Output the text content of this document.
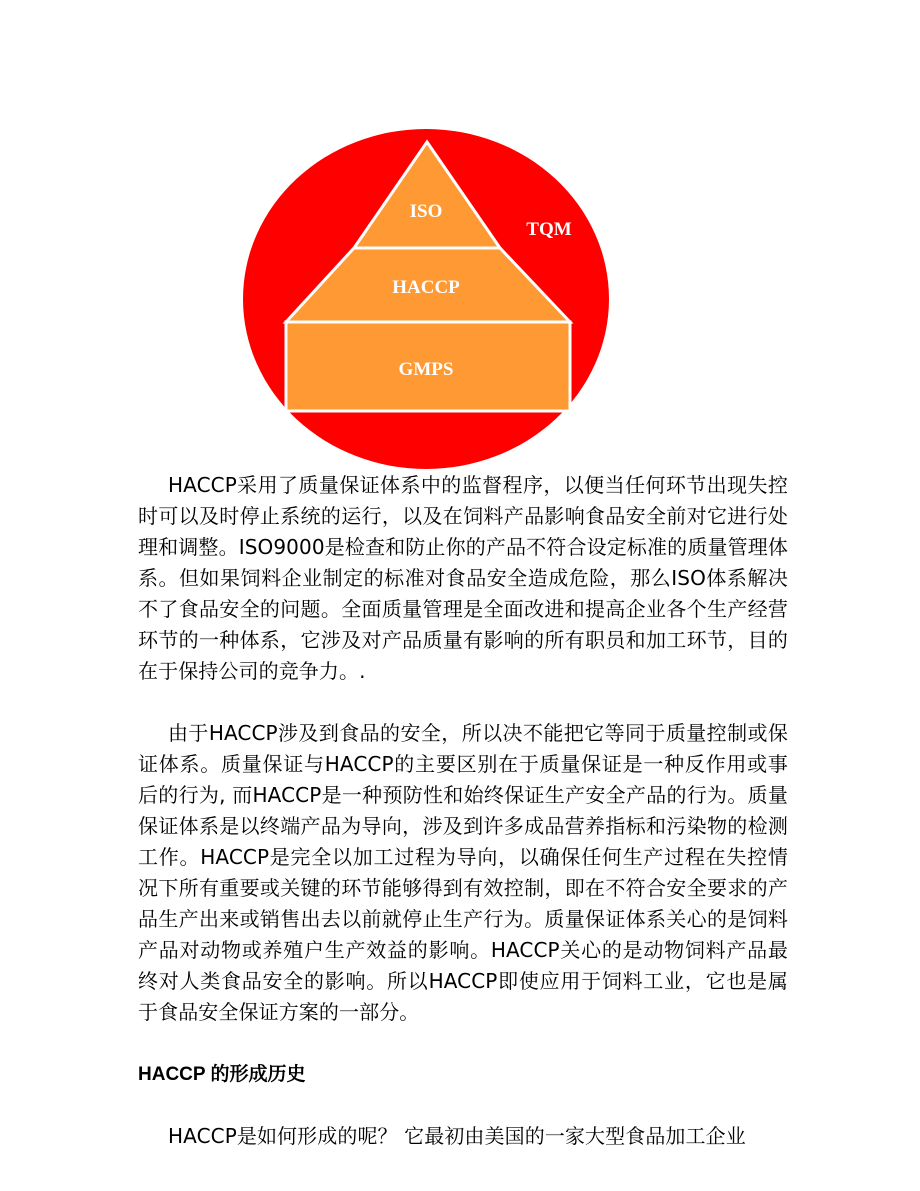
ISO
HACCP
GMPS
TQM

HACCP采用了质量保证体系中的监督程序，以便当任何环节出现失控时可以及时停止系统的运行，以及在饲料产品影响食品安全前对它进行处理和调整。ISO9000是检查和防止你的产品不符合设定标准的质量管理体系。但如果饲料企业制定的标准对食品安全造成危险，那么ISO体系解决不了食品安全的问题。全面质量管理是全面改进和提高企业各个生产经营环节的一种体系，它涉及对产品质量有影响的所有职员和加工环节，目的在于保持公司的竞争力。.

由于HACCP涉及到食品的安全，所以决不能把它等同于质量控制或保证体系。质量保证与HACCP的主要区别在于质量保证是一种反作用或事后的行为, 而HACCP是一种预防性和始终保证生产安全产品的行为。质量保证体系是以终端产品为导向，涉及到许多成品营养指标和污染物的检测工作。HACCP是完全以加工过程为导向，以确保任何生产过程在失控情况下所有重要或关键的环节能够得到有效控制，即在不符合安全要求的产品生产出来或销售出去以前就停止生产行为。质量保证体系关心的是饲料产品对动物或养殖户生产效益的影响。HACCP关心的是动物饲料产品最终对人类食品安全的影响。所以HACCP即使应用于饲料工业，它也是属于食品安全保证方案的一部分。

HACCP 的形成历史

HACCP是如何形成的呢？ 它最初由美国的一家大型食品加工企业
